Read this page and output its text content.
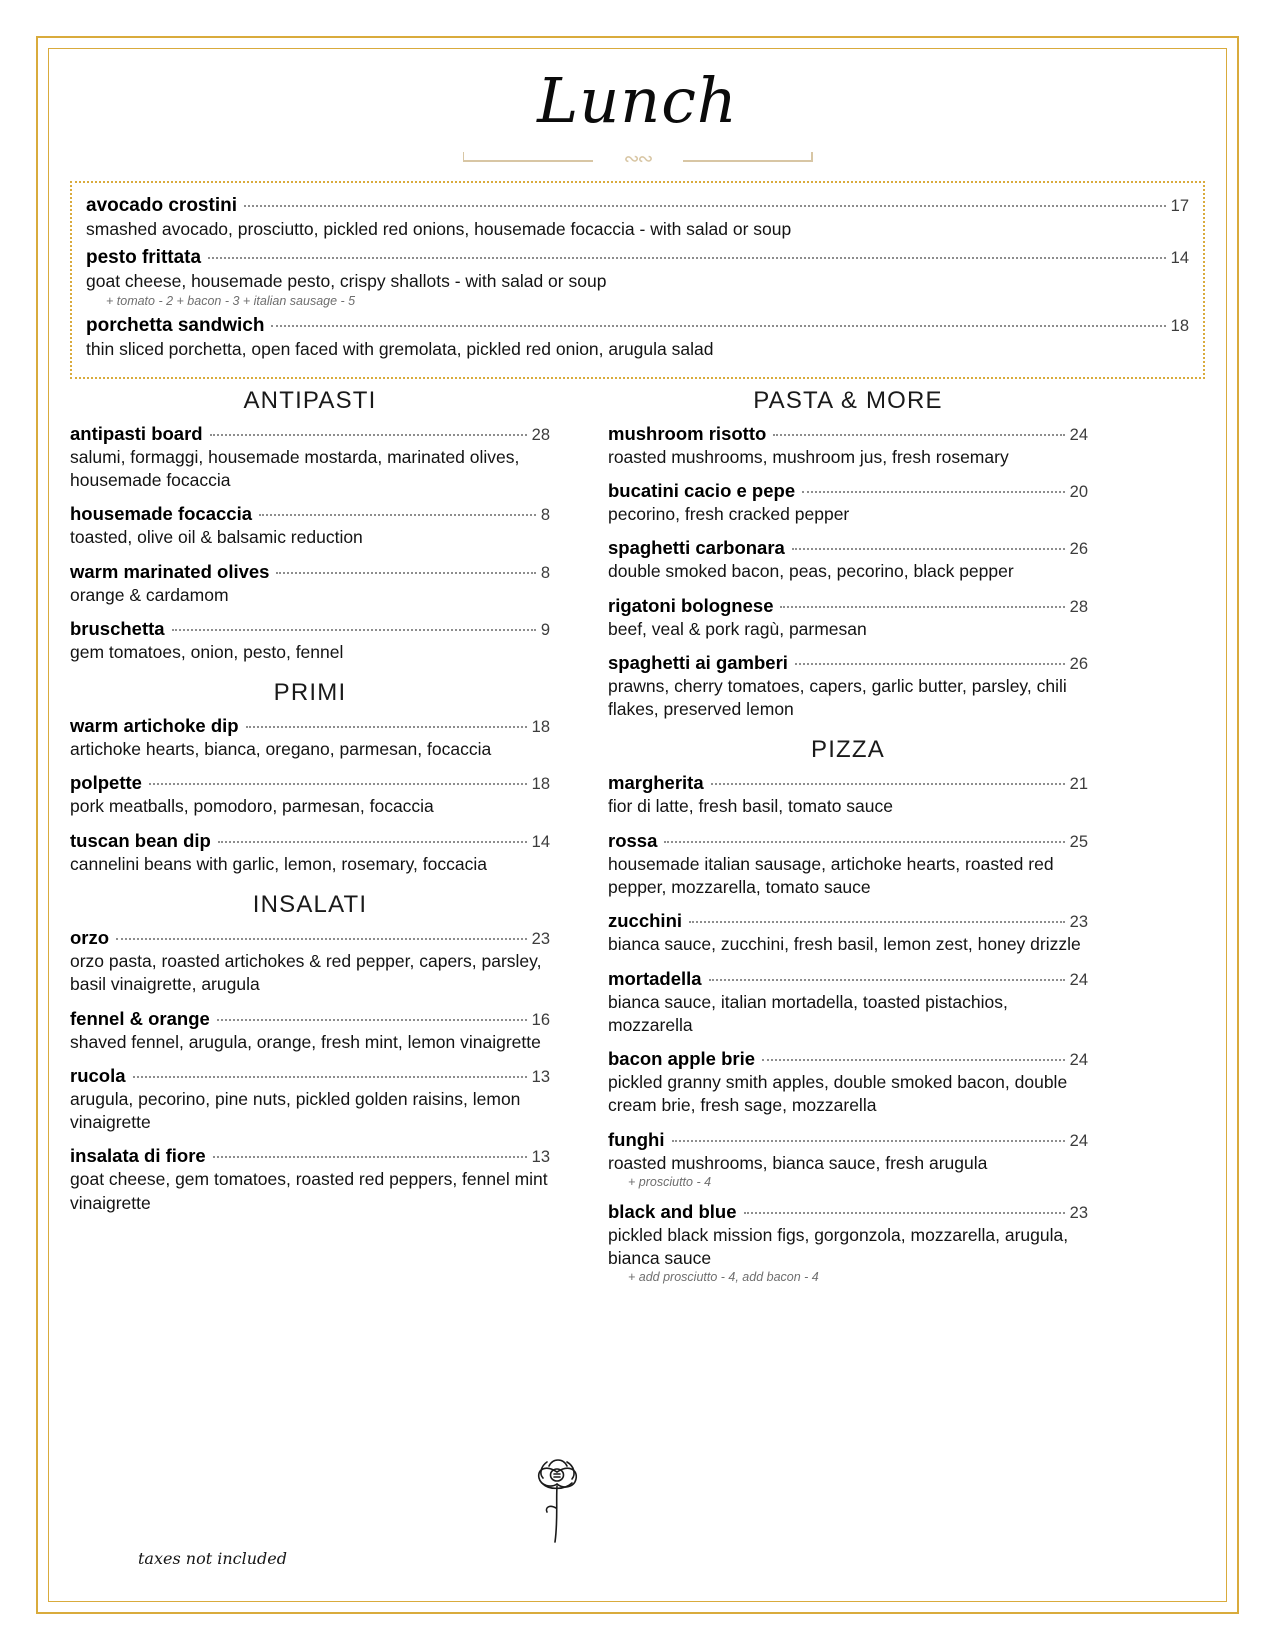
Lunch
∾∾
avocado crostini	17
smashed avocado, prosciutto, pickled red onions, housemade focaccia - with salad or soup
pesto frittata	14
goat cheese, housemade pesto, crispy shallots - with salad or soup
+ tomato - 2 + bacon - 3 + italian sausage - 5
porchetta sandwich	18
thin sliced porchetta, open faced with gremolata, pickled red onion, arugula salad
ANTIPASTI
antipasti board	28
salumi, formaggi, housemade mostarda, marinated olives, housemade focaccia
housemade focaccia	8
toasted, olive oil & balsamic reduction
warm marinated olives	8
orange & cardamom
bruschetta	9
gem tomatoes, onion, pesto, fennel
PRIMI
warm artichoke dip	18
artichoke hearts, bianca, oregano, parmesan, focaccia
polpette	18
pork meatballs, pomodoro, parmesan, focaccia
tuscan bean dip	14
cannelini beans with garlic, lemon, rosemary, foccacia
INSALATI
orzo	23
orzo pasta, roasted artichokes & red pepper, capers, parsley, basil vinaigrette, arugula
fennel & orange	16
shaved fennel, arugula, orange, fresh mint, lemon vinaigrette
rucola	13
arugula, pecorino, pine nuts, pickled golden raisins, lemon vinaigrette
insalata di fiore	13
goat cheese, gem tomatoes, roasted red peppers, fennel mint vinaigrette
PASTA & MORE
mushroom risotto	24
roasted mushrooms, mushroom jus, fresh rosemary
bucatini cacio e pepe	20
pecorino, fresh cracked pepper
spaghetti carbonara	26
double smoked bacon, peas, pecorino, black pepper
rigatoni bolognese	28
beef, veal & pork ragù, parmesan
spaghetti ai gamberi	26
prawns, cherry tomatoes, capers, garlic butter, parsley, chili flakes, preserved lemon
PIZZA
margherita	21
fior di latte, fresh basil, tomato sauce
rossa	25
housemade italian sausage, artichoke hearts, roasted red pepper, mozzarella, tomato sauce
zucchini	23
bianca sauce, zucchini, fresh basil, lemon zest, honey drizzle
mortadella	24
bianca sauce, italian mortadella, toasted pistachios, mozzarella
bacon apple brie	24
pickled granny smith apples, double smoked bacon, double cream brie, fresh sage, mozzarella
funghi	24
roasted mushrooms, bianca sauce, fresh arugula
+ prosciutto - 4
black and blue	23
pickled black mission figs, gorgonzola, mozzarella, arugula, bianca sauce
+ add prosciutto - 4, add bacon - 4
taxes not included
